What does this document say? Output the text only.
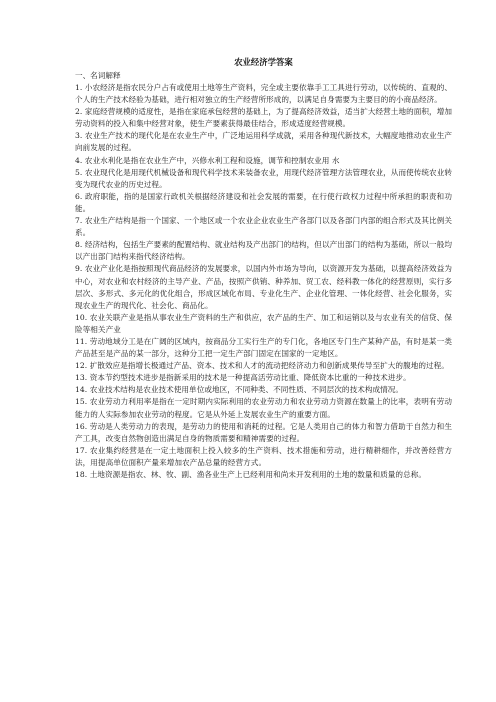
农业经济学答案

一、名词解释

1. 小农经济是指农民分户占有或使用土地等生产资料，完全或主要依靠手工工具进行劳动，以传统的、直观的、个人的生产技术经验为基础，进行相对独立的生产经营所形成的，以满足自身需要为主要目的的小商品经济。

2. 家庭经营规模的适度性，是指在家庭承包经营的基础上，为了提高经济效益，适当扩大经营土地的面积，增加劳动资料的投入和集中经营对象，使生产要素获得最佳结合，形成适度经营规模。

3. 农业生产技术的现代化是在农业生产中，广泛地运用科学成就，采用各种现代新技术，大幅度地推动农业生产向前发展的过程。

4. 农业水利化是指在农业生产中，兴修水利工程和设施，调节和控制农业用 水

5. 农业现代化是用现代机械设备和现代科学技术来装备农业，用现代经济管理方法管理农业，从而使传统农业转变为现代农业的历史过程。

6. 政府职能，指的是国家行政机关根据经济建设和社会发展的需要，在行使行政权力过程中所承担的职责和功能。

7. 农业生产结构是指一个国家、一个地区或一个农业企业农业生产各部门以及各部门内部的组合形式及其比例关系。

8. 经济结构，包括生产要素的配置结构、就业结构及产出部门的结构，但以产出部门的结构为基础，所以一般均以产出部门结构来指代经济结构。

9. 农业产业化是指按照现代商品经济的发展要求，以国内外市场为导向，以资源开发为基础，以提高经济效益为中心，对农业和农村经济的主导产业、产品，按照产供销、种养加、贸工农、经科教一体化的经营原则，实行多层次、多形式、多元化的优化组合，形成区域化布局、专业化生产、企业化管理、一体化经营、社会化服务，实现农业生产的现代化、社会化、商品化。

10. 农业关联产业是指从事农业生产资料的生产和供应，农产品的生产、加工和运销以及与农业有关的信贷、保险等相关产业

11. 劳动地域分工是在广阔的区域内，按商品分工实行生产的专门化，各地区专门生产某种产品，有时是某一类产品甚至是产品的某一部分，这种分工把一定生产部门固定在国家的一定地区。

12. 扩散效应是指增长极通过产品、资本、技术和人才的流动把经济动力和创新成果传导至扩大的腹地的过程。

13. 资本节约型技术进步是指新采用的技术是一种提高活劳动比重、降低资本比重的一种技术进步。

14. 农业技术结构是农业技术使用单位或地区，不同种类、不同性质、不同层次的技术构成情况。

15. 农业劳动力利用率是指在一定时期内实际利用的农业劳动力和农业劳动力资源在数量上的比率，表明有劳动能力的人实际参加农业劳动的程度。它是从外延上发展农业生产的重要方面。

16. 劳动是人类劳动力的表现，是劳动力的使用和消耗的过程。它是人类用自己的体力和智力借助于自然力和生产工具，改变自然物创造出满足自身的物质需要和精神需要的过程。

17. 农业集约经营是在一定土地面积上投入较多的生产资料、技术措施和劳动，进行精耕细作，并改善经营方法，用提高单位面积产量来增加农产品总量的经营方式。

18. 土地资源是指农、林、牧、副、渔各业生产上已经利用和尚未开发利用的土地的数量和质量的总称。
